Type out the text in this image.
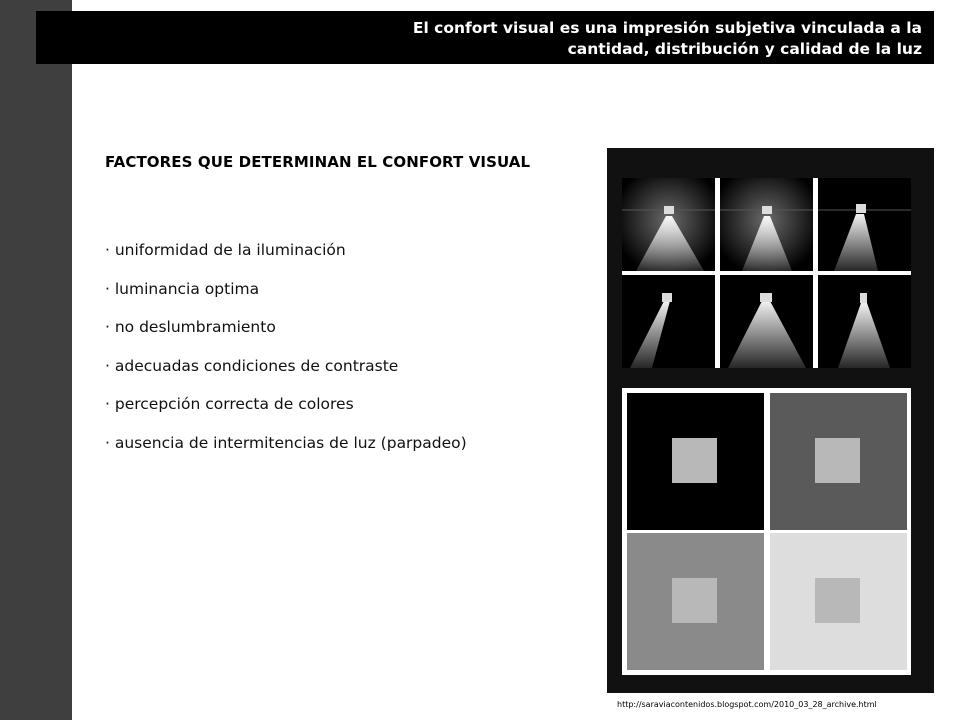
El confort visual es una impresión subjetiva vinculada a la
cantidad, distribución y calidad de la luz
FACTORES QUE DETERMINAN EL CONFORT VISUAL
· uniformidad de la iluminación
· luminancia optima
· no deslumbramiento
· adecuadas condiciones de contraste
· percepción correcta de colores
· ausencia de intermitencias de luz (parpadeo)
http://saraviacontenidos.blogspot.com/2010_03_28_archive.html
